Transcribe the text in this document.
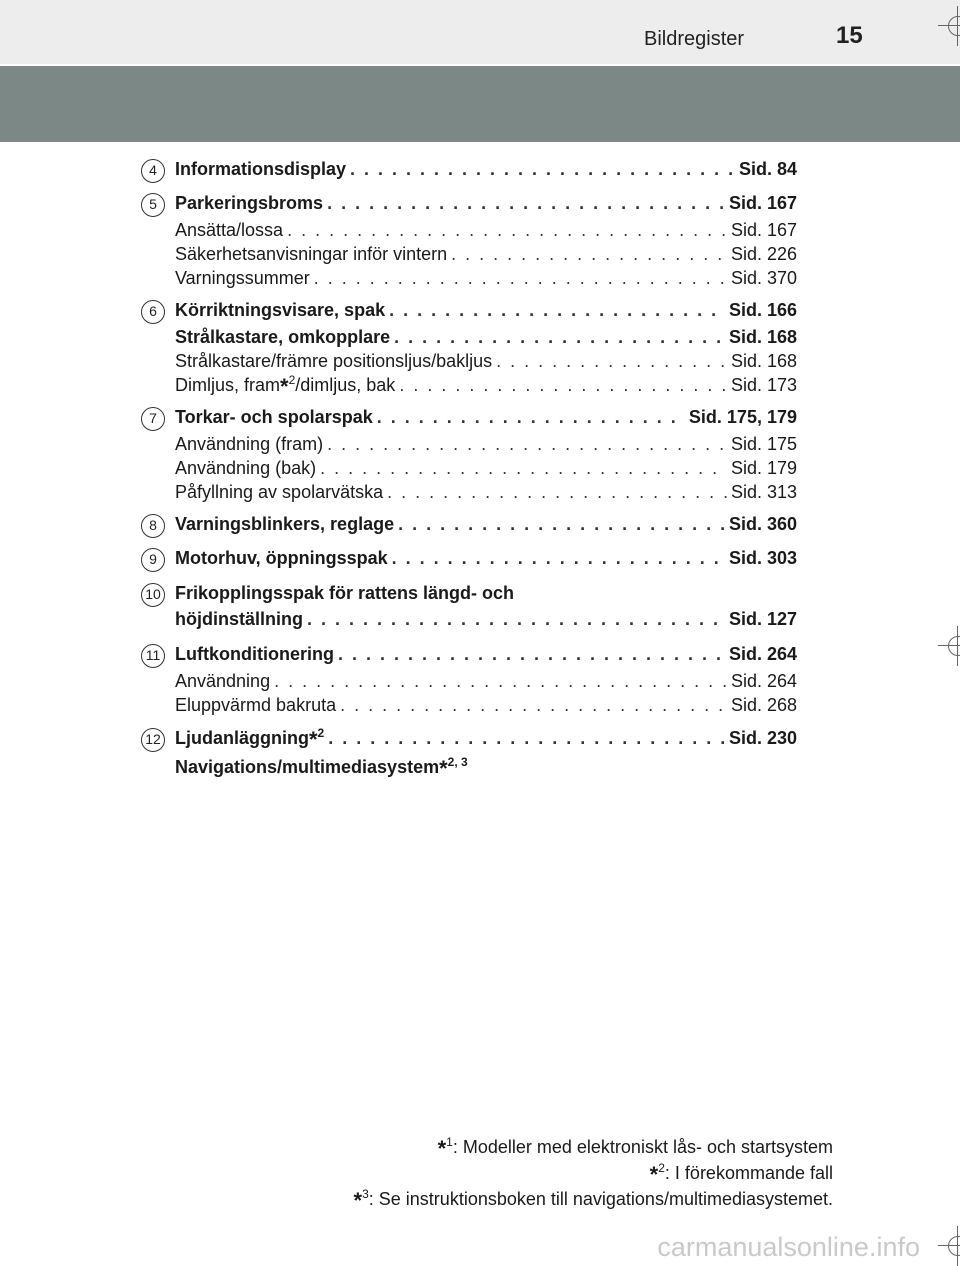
Bildregister	15
4	Informationsdisplay . . .	Sid. 84
5	Parkeringsbroms . . .	Sid. 167
Ansätta/lossa . . .	Sid. 167
Säkerhetsanvisningar inför vintern . . .	Sid. 226
Varningssummer . . .	Sid. 370
6	Körriktningsvisare, spak . . .	Sid. 166
Strålkastare, omkopplare . . .	Sid. 168
Strålkastare/främre positionsljus/bakljus . . .	Sid. 168
Dimljus, fram*$^2$/dimljus, bak . . .	Sid. 173
7	Torkar- och spolarspak . . .	Sid. 175, 179
Användning (fram) . . .	Sid. 175
Användning (bak) . . .	Sid. 179
Påfyllning av spolarvätska . . .	Sid. 313
8	Varningsblinkers, reglage . . .	Sid. 360
9	Motorhuv, öppningsspak . . .	Sid. 303
10 Frikopplingsspak för rattens längd- och
höjdinställning . . .	Sid. 127
11 Luftkonditionering . . .	Sid. 264
Användning . . .	Sid. 264
Eluppvärmd bakruta . . .	Sid. 268
12 Ljudanläggning*$^2$ . . .	Sid. 230
Navigations/multimediasystem*$^{2, 3}$
*$^1$: Modeller med elektroniskt lås- och startsystem
*$^2$: I förekommande fall
*$^3$: Se instruktionsboken till navigations/multimediasystemet.
carmanualsonline.info
